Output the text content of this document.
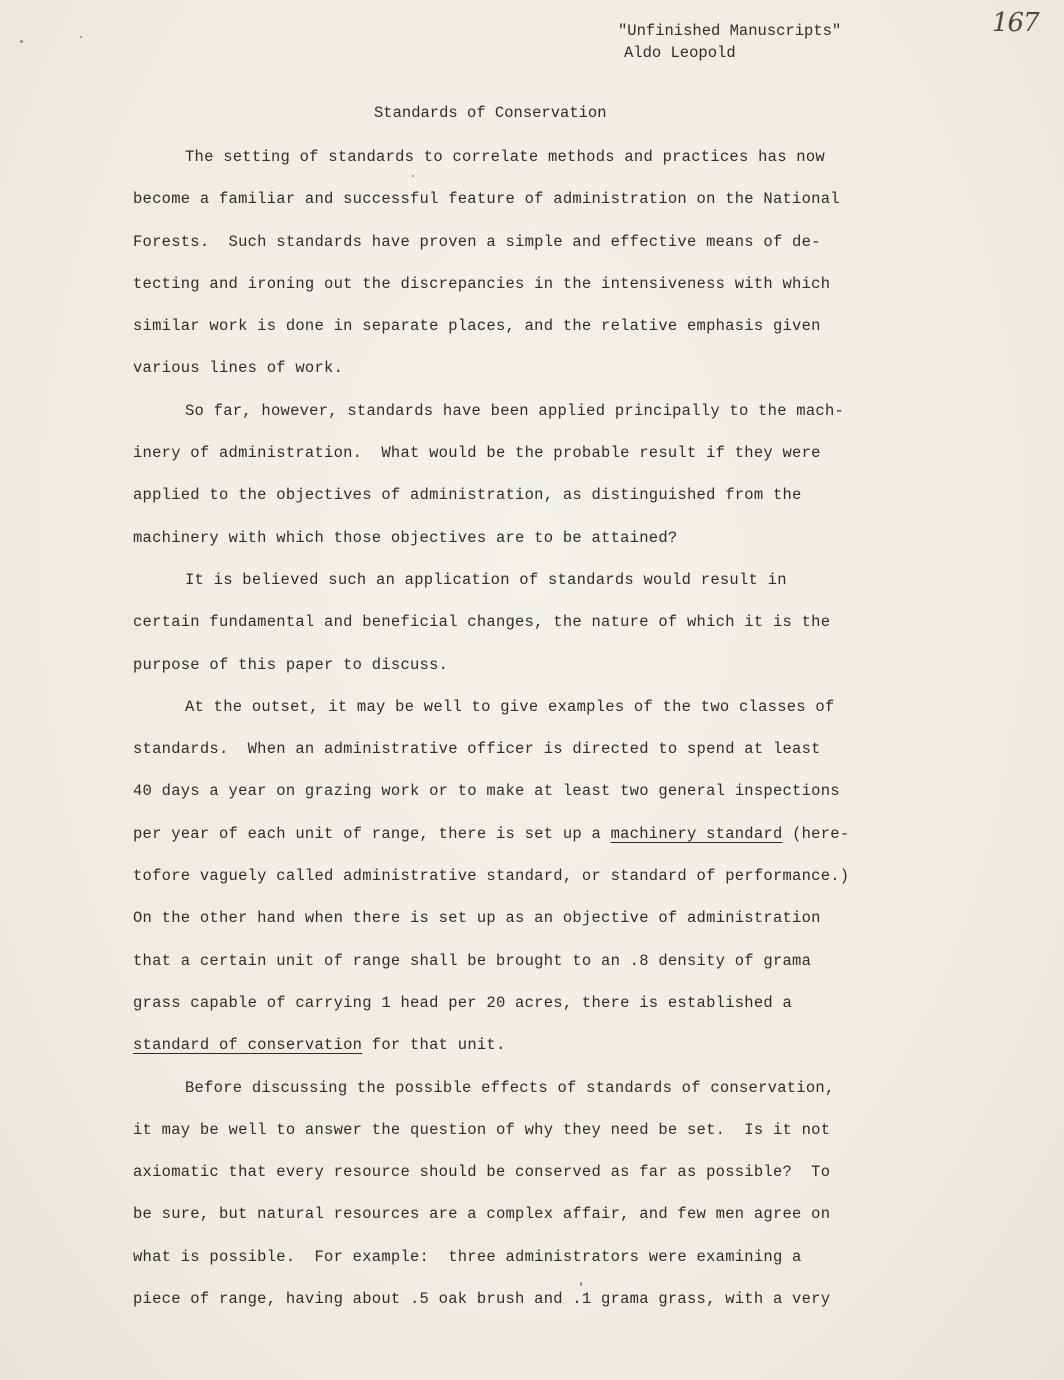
167
"Unfinished Manuscripts"
Aldo Leopold
Standards of Conservation
The setting of standards to correlate methods and practices has now
become a familiar and successful feature of administration on the National
Forests.  Such standards have proven a simple and effective means of de-
tecting and ironing out the discrepancies in the intensiveness with which
similar work is done in separate places, and the relative emphasis given
various lines of work.
So far, however, standards have been applied principally to the mach-
inery of administration.  What would be the probable result if they were
applied to the objectives of administration, as distinguished from the
machinery with which those objectives are to be attained?
It is believed such an application of standards would result in
certain fundamental and beneficial changes, the nature of which it is the
purpose of this paper to discuss.
At the outset, it may be well to give examples of the two classes of
standards.  When an administrative officer is directed to spend at least
40 days a year on grazing work or to make at least two general inspections
per year of each unit of range, there is set up a machinery standard (here-
tofore vaguely called administrative standard, or standard of performance.)
On the other hand when there is set up as an objective of administration
that a certain unit of range shall be brought to an .8 density of grama
grass capable of carrying 1 head per 20 acres, there is established a
standard of conservation for that unit.
Before discussing the possible effects of standards of conservation,
it may be well to answer the question of why they need be set.  Is it not
axiomatic that every resource should be conserved as far as possible?  To
be sure, but natural resources are a complex affair, and few men agree on
what is possible.  For example:  three administrators were examining a
piece of range, having about .5 oak brush and .1 grama grass, with a very
